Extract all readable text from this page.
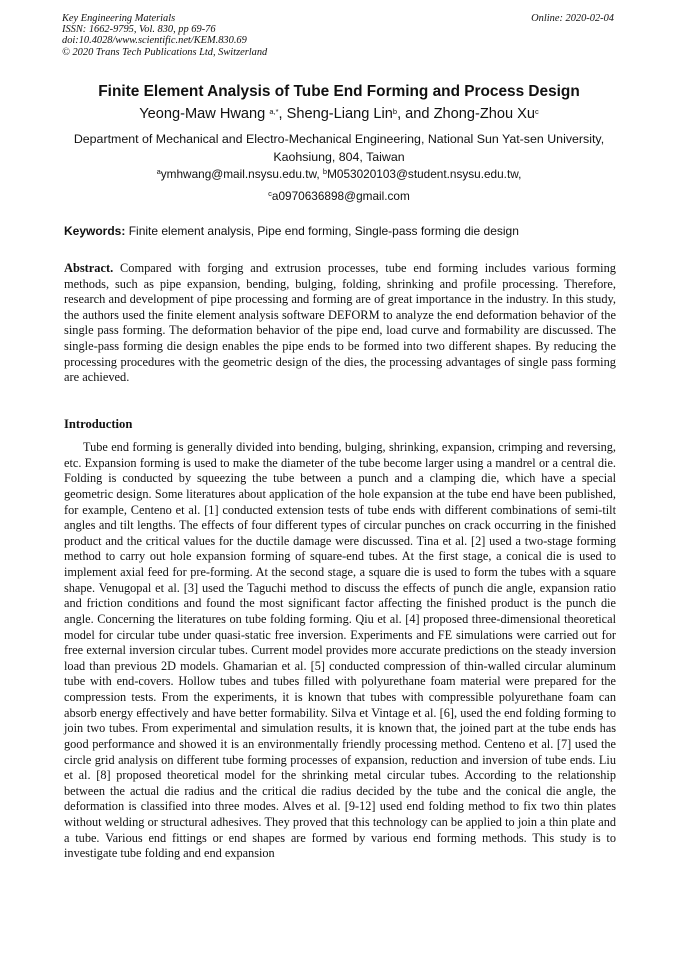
Key Engineering Materials
ISSN: 1662-9795, Vol. 830, pp 69-76
doi:10.4028/www.scientific.net/KEM.830.69
© 2020 Trans Tech Publications Ltd, Switzerland
Online: 2020-02-04
Finite Element Analysis of Tube End Forming and Process Design
Yeong-Maw Hwang $^{a,*}$, Sheng-Liang Lin$^b$, and Zhong-Zhou Xu$^c$
Department of Mechanical and Electro-Mechanical Engineering, National Sun Yat-sen University, Kaohsiung, 804, Taiwan
$^a$ymhwang@mail.nsysu.edu.tw, $^b$M053020103@student.nsysu.edu.tw,
$^c$a0970636898@gmail.com
Keywords: Finite element analysis, Pipe end forming, Single-pass forming die design

Abstract. Compared with forging and extrusion processes, tube end forming includes various forming methods, such as pipe expansion, bending, bulging, folding, shrinking and profile processing. Therefore, research and development of pipe processing and forming are of great importance in the industry. In this study, the authors used the finite element analysis software DEFORM to analyze the end deformation behavior of the single pass forming. The deformation behavior of the pipe end, load curve and formability are discussed. The single-pass forming die design enables the pipe ends to be formed into two different shapes. By reducing the processing procedures with the geometric design of the dies, the processing advantages of single pass forming are achieved.

Introduction

Tube end forming is generally divided into bending, bulging, shrinking, expansion, crimping and reversing, etc. Expansion forming is used to make the diameter of the tube become larger using a mandrel or a central die. Folding is conducted by squeezing the tube between a punch and a clamping die, which have a special geometric design. Some literatures about application of the hole expansion at the tube end have been published, for example, Centeno et al. [1] conducted extension tests of tube ends with different combinations of semi-tilt angles and tilt lengths. The effects of four different types of circular punches on crack occurring in the finished product and the critical values for the ductile damage were discussed. Tina et al. [2] used a two-stage forming method to carry out hole expansion forming of square-end tubes. At the first stage, a conical die is used to implement axial feed for pre-forming. At the second stage, a square die is used to form the tubes with a square shape. Venugopal et al. [3] used the Taguchi method to discuss the effects of punch die angle, expansion ratio and friction conditions and found the most significant factor affecting the finished product is the punch die angle. Concerning the literatures on tube folding forming. Qiu et al. [4] proposed three-dimensional theoretical model for circular tube under quasi-static free inversion. Experiments and FE simulations were carried out for free external inversion circular tubes. Current model provides more accurate predictions on the steady inversion load than previous 2D models. Ghamarian et al. [5] conducted compression of thin-walled circular aluminum tube with end-covers. Hollow tubes and tubes filled with polyurethane foam material were prepared for the compression tests. From the experiments, it is known that tubes with compressible polyurethane foam can absorb energy effectively and have better formability. Silva et Vintage et al. [6], used the end folding forming to join two tubes. From experimental and simulation results, it is known that, the joined part at the tube ends has good performance and showed it is an environmentally friendly processing method. Centeno et al. [7] used the circle grid analysis on different tube forming processes of expansion, reduction and inversion of tube ends. Liu et al. [8] proposed theoretical model for the shrinking metal circular tubes. According to the relationship between the actual die radius and the critical die radius decided by the tube and the conical die angle, the deformation is classified into three modes. Alves et al. [9-12] used end folding method to fix two thin plates without welding or structural adhesives. They proved that this technology can be applied to join a thin plate and a tube. Various end fittings or end shapes are formed by various end forming methods. This study is to investigate tube folding and end expansion
